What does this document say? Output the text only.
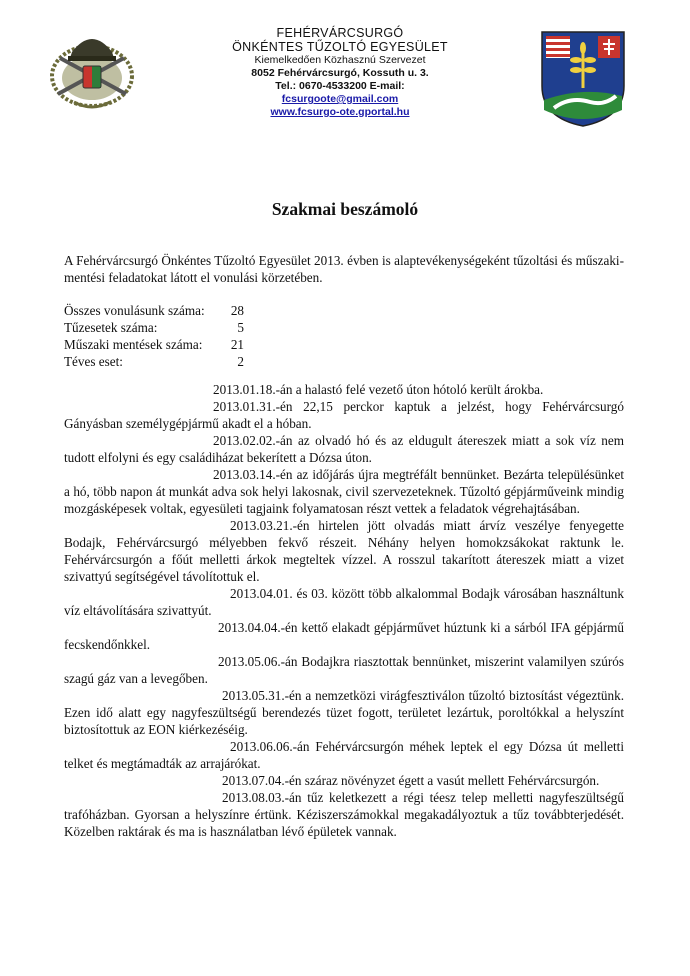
FEHÉRVÁRCSURGÓ
ÖNKÉNTES TŰZOLTÓ EGYESÜLET
Kiemelkedően Közhasznú Szervezet
8052 Fehérvárcsurgó, Kossuth u. 3.
Tel.: 0670-4533200 E-mail:
fcsurgoote@gmail.com
www.fcsurgo-ote.gportal.hu
Szakmai beszámoló
A Fehérvárcsurgó Önkéntes Tűzoltó Egyesület 2013. évben is alaptevékenységeként tűzoltási és műszaki-mentési feladatokat látott el vonulási körzetében.
Összes vonulásunk száma:	28
Tűzesetek száma:	5
Műszaki mentések száma:	21
Téves eset:	2

2013.01.18.-án a halastó felé vezető úton hótoló került árokba.

2013.01.31.-én 22,15 perckor kaptuk a jelzést, hogy Fehérvárcsurgó Gányásban személygépjármű akadt el a hóban.

2013.02.02.-án az olvadó hó és az eldugult átereszek miatt a sok víz nem tudott elfolyni és egy családiházat bekerített a Dózsa úton.

2013.03.14.-én az időjárás újra megtréfált bennünket. Bezárta településünket a hó, több napon át munkát adva sok helyi lakosnak, civil szervezeteknek. Tűzoltó gépjárműveink mindig mozgásképesek voltak, egyesületi tagjaink folyamatosan részt vettek a feladatok végrehajtásában.

2013.03.21.-én hirtelen jött olvadás miatt árvíz veszélye fenyegette Bodajk, Fehérvárcsurgó mélyebben fekvő részeit. Néhány helyen homokzsákokat raktunk le. Fehérvárcsurgón a főút melletti árkok megteltek vízzel. A rosszul takarított átereszek miatt a vizet szivattyú segítségével távolítottuk el.

2013.04.01. és 03. között több alkalommal Bodajk városában használtunk víz eltávolítására szivattyút.

2013.04.04.-én kettő elakadt gépjárművet húztunk ki a sárból IFA gépjármű fecskendőnkkel.

2013.05.06.-án Bodajkra riasztottak bennünket, miszerint valamilyen szúrós szagú gáz van a levegőben.

2013.05.31.-én a nemzetközi virágfesztiválon tűzoltó biztosítást végeztünk. Ezen idő alatt egy nagyfeszültségű berendezés tüzet fogott, területet lezártuk, poroltókkal a helyszínt biztosítottuk az EON kiérkezéséig.

2013.06.06.-án Fehérvárcsurgón méhek leptek el egy Dózsa út melletti telket és megtámadták az arrajárókat.

2013.07.04.-én száraz növényzet égett a vasút mellett Fehérvárcsurgón.

2013.08.03.-án tűz keletkezett a régi téesz telep melletti nagyfeszültségű trafóházban. Gyorsan a helyszínre értünk. Kéziszerszámokkal megakadályoztuk a tűz továbbterjedését. Közelben raktárak és ma is használatban lévő épületek vannak.
